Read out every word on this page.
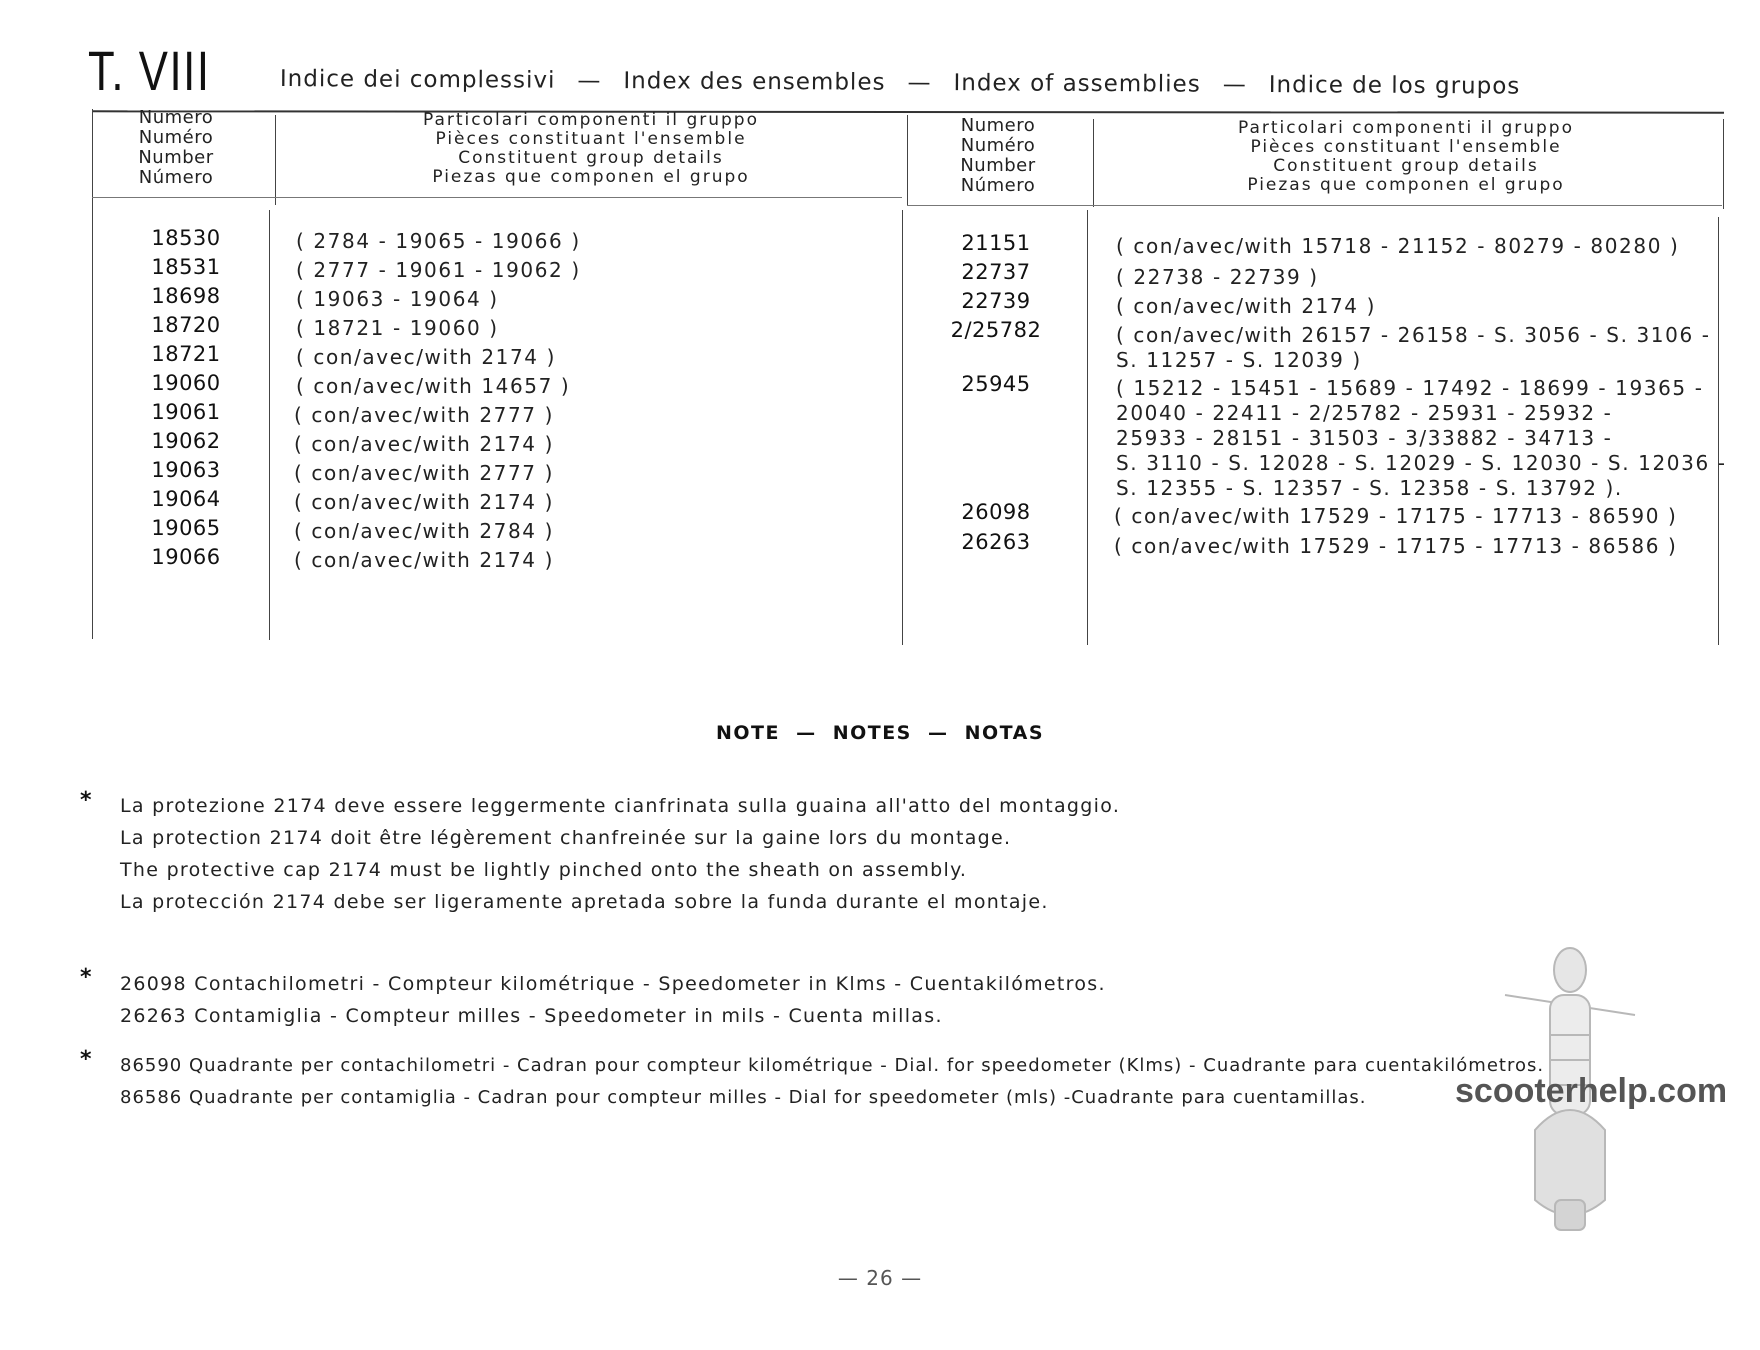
T. VIII	Indice dei complessivi — Index des ensembles — Index of assemblies — Indice de los grupos
Numero
Numéro
Number
Número
Particolari componenti il gruppo
Pièces constituant l'ensemble
Constituent group details
Piezas que componen el grupo
Numero
Numéro
Number
Número
Particolari componenti il gruppo
Pièces constituant l'ensemble
Constituent group details
Piezas que componen el grupo
18530	( 2784 - 19065 - 19066 )
18531	( 2777 - 19061 - 19062 )
18698	( 19063 - 19064 )
18720	( 18721 - 19060 )
18721	( con/avec/with 2174 )
19060	( con/avec/with 14657 )
19061	( con/avec/with 2777 )
19062	( con/avec/with 2174 )
19063	( con/avec/with 2777 )
19064	( con/avec/with 2174 )
19065	( con/avec/with 2784 )
19066	( con/avec/with 2174 )
21151	( con/avec/with 15718 - 21152 - 80279 - 80280 )
22737	( 22738 - 22739 )
22739	( con/avec/with 2174 )
2/25782	( con/avec/with 26157 - 26158 - S. 3056 - S. 3106 -
S. 11257 - S. 12039 )
25945	( 15212 - 15451 - 15689 - 17492 - 18699 - 19365 -
20040 - 22411 - 2/25782 - 25931 - 25932 -
25933 - 28151 - 31503 - 3/33882 - 34713 -
S. 3110 - S. 12028 - S. 12029 - S. 12030 - S. 12036 -
S. 12355 - S. 12357 - S. 12358 - S. 13792 ).
26098	( con/avec/with 17529 - 17175 - 17713 - 86590 )
26263	( con/avec/with 17529 - 17175 - 17713 - 86586 )
NOTE — NOTES — NOTAS
* La protezione 2174 deve essere leggermente cianfrinata sulla guaina all'atto del montaggio.
La protection 2174 doit être légèrement chanfreinée sur la gaine lors du montage.
The protective cap 2174 must be lightly pinched onto the sheath on assembly.
La protección 2174 debe ser ligeramente apretada sobre la funda durante el montaje.
* 26098 Contachilometri - Compteur kilométrique - Speedometer in Klms - Cuentakilómetros.
26263 Contamiglia - Compteur milles - Speedometer in mils - Cuenta millas.
* 86590 Quadrante per contachilometri - Cadran pour compteur kilométrique - Dial. for speedometer (Klms) - Cuadrante para cuentakilómetros.
86586 Quadrante per contamiglia - Cadran pour compteur milles - Dial for speedometer (mls) -Cuadrante para cuentamillas.	scooterhelp.com
— 26 —
